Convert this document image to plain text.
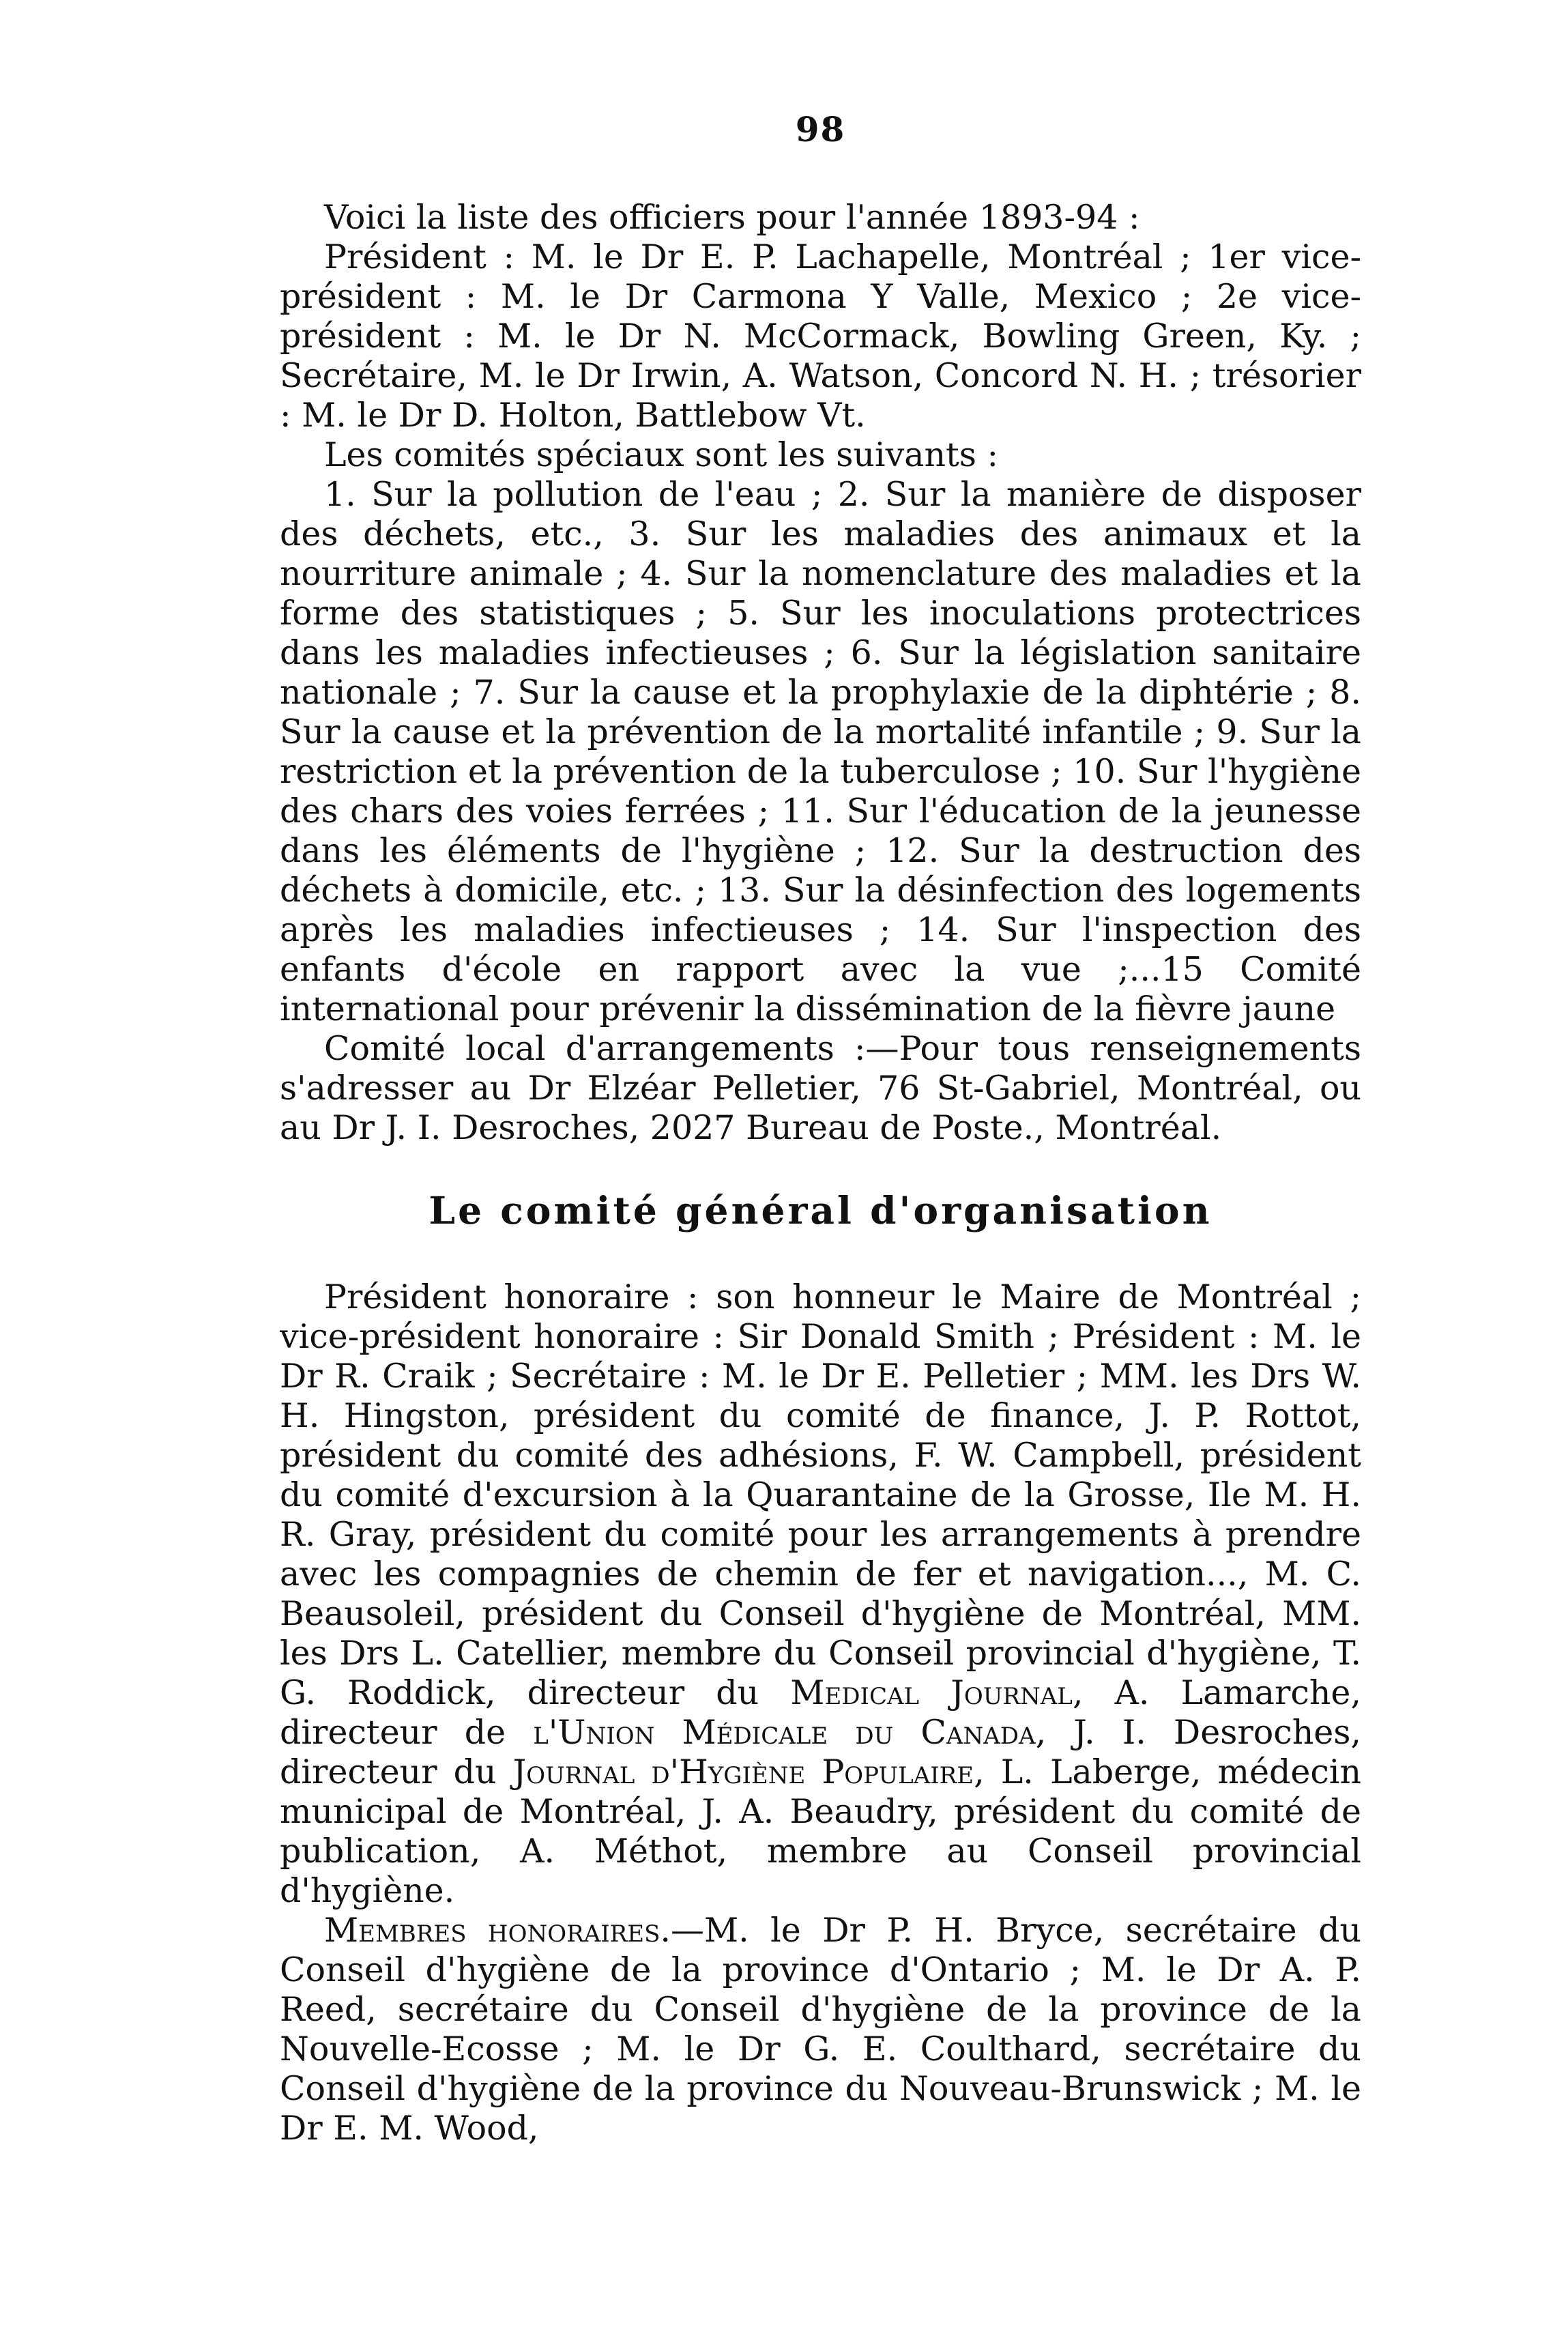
98

Voici la liste des officiers pour l'année 1893-94 :

Président : M. le Dr E. P. Lachapelle, Montréal ; 1er vice-président : M. le Dr Carmona Y Valle, Mexico ; 2e vice-président : M. le Dr N. McCormack, Bowling Green, Ky. ; Secrétaire, M. le Dr Irwin, A. Watson, Concord N. H. ; trésorier : M. le Dr D. Holton, Battlebow Vt.

Les comités spéciaux sont les suivants :

1. Sur la pollution de l'eau ; 2. Sur la manière de disposer des déchets, etc., 3. Sur les maladies des animaux et la nourriture animale ; 4. Sur la nomenclature des maladies et la forme des statistiques ; 5. Sur les inoculations protectrices dans les maladies infectieuses ; 6. Sur la législation sanitaire nationale ; 7. Sur la cause et la prophylaxie de la diphtérie ; 8. Sur la cause et la prévention de la mortalité infantile ; 9. Sur la restriction et la prévention de la tuberculose ; 10. Sur l'hygiène des chars des voies ferrées ; 11. Sur l'éducation de la jeunesse dans les éléments de l'hygiène ; 12. Sur la destruction des déchets à domicile, etc. ; 13. Sur la désinfection des logements après les maladies infectieuses ; 14. Sur l'inspection des enfants d'école en rapport avec la vue ;...15 Comité international pour prévenir la dissémination de la fièvre jaune

Comité local d'arrangements :—Pour tous renseignements s'adresser au Dr Elzéar Pelletier, 76 St-Gabriel, Montréal, ou au Dr J. I. Desroches, 2027 Bureau de Poste., Montréal.

Le comité général d'organisation

Président honoraire : son honneur le Maire de Montréal ; vice-président honoraire : Sir Donald Smith ; Président : M. le Dr R. Craik ; Secrétaire : M. le Dr E. Pelletier ; MM. les Drs W. H. Hingston, président du comité de finance, J. P. Rottot, président du comité des adhésions, F. W. Campbell, président du comité d'excursion à la Quarantaine de la Grosse, Ile M. H. R. Gray, président du comité pour les arrangements à prendre avec les compagnies de chemin de fer et navigation..., M. C. Beausoleil, président du Conseil d'hygiène de Montréal, MM. les Drs L. Catellier, membre du Conseil provincial d'hygiène, T. G. Roddick, directeur du Medical Journal, A. Lamarche, directeur de l'Union Médicale du Canada, J. I. Desroches, directeur du Journal d'Hygiène Populaire, L. Laberge, médecin municipal de Montréal, J. A. Beaudry, président du comité de publication, A. Méthot, membre au Conseil provincial d'hygiène.

Membres honoraires.—M. le Dr P. H. Bryce, secrétaire du Conseil d'hygiène de la province d'Ontario ; M. le Dr A. P. Reed, secrétaire du Conseil d'hygiène de la province de la Nouvelle-Ecosse ; M. le Dr G. E. Coulthard, secrétaire du Conseil d'hygiène de la province du Nouveau-Brunswick ; M. le Dr E. M. Wood,
